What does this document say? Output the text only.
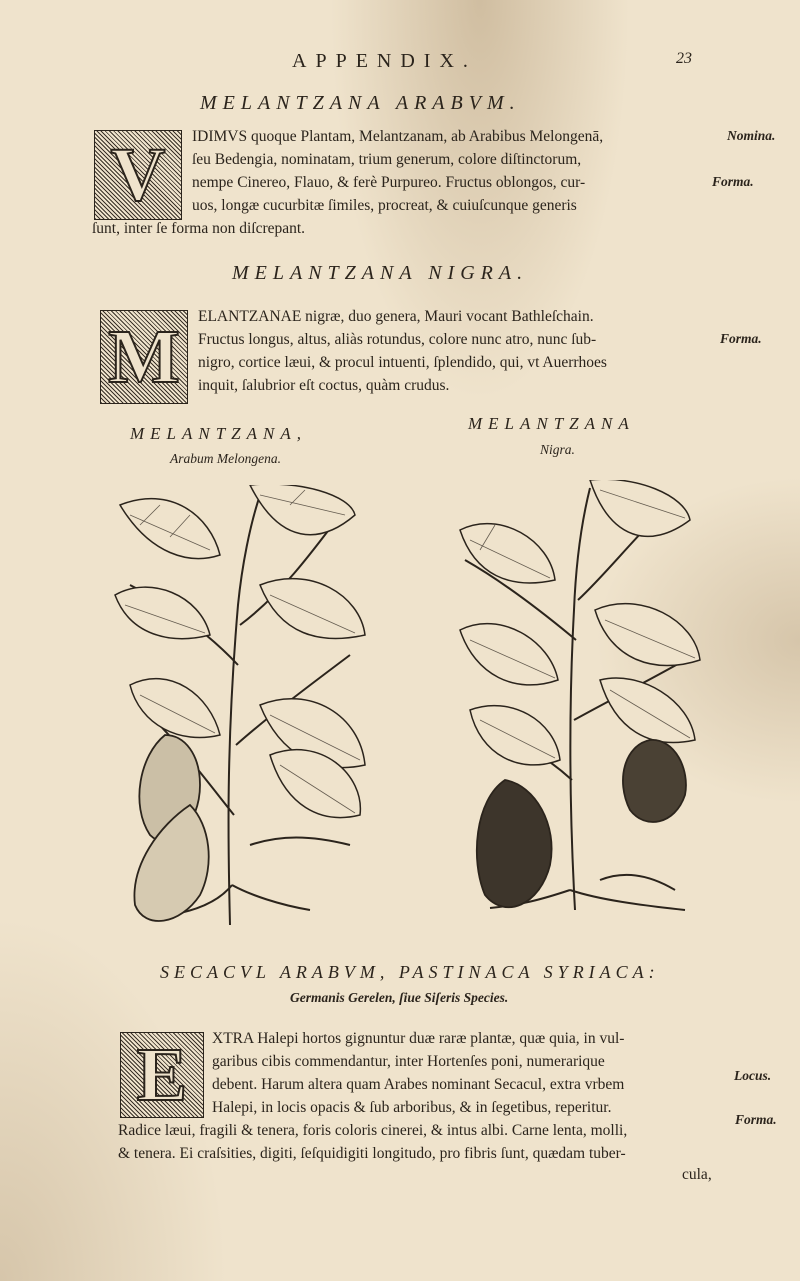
APPENDIX.	23
MELANTZANA ARABVM.
V IDIMVS quoque Plantam, Melantzanam, ab Arabibus Melongenā,
ſeu Bedengia, nominatam, trium generum, colore diſtinctorum,
nempe Cinereo, Flauo, & ferè Purpureo. Fructus oblongos, cur-
uos, longæ cucurbitæ ſimiles, procreat, & cuiuſcunque generis
ſunt, inter ſe forma non diſcrepant.
Nomina.
Forma.
MELANTZANA NIGRA.
M ELANTZANAE nigræ, duo genera, Mauri vocant Bathleſchain.
Fructus longus, altus, aliàs rotundus, colore nunc atro, nunc ſub-
nigro, cortice læui, & procul intuenti, ſplendido, qui, vt Auerrhoes
inquit, ſalubrior eſt coctus, quàm crudus.
Forma.
MELANTZANA,
Arabum Melongena.
MELANTZANA
Nigra.
SECACVL ARABVM, PASTINACA SYRIACA:
Germanis Gerelen, ſiue Siſeris Species.
E XTRA Halepi hortos gignuntur duæ raræ plantæ, quæ quia, in vul-
garibus cibis commendantur, inter Hortenſes poni, numerarique
debent. Harum altera quam Arabes nominant Secacul, extra vrbem
Halepi, in locis opacis & ſub arboribus, & in ſegetibus, reperitur.
Radice læui, fragili & tenera, foris coloris cinerei, & intus albi. Carne lenta, molli,
& tenera. Ei craſsities, digiti, ſeſquidigiti longitudo, pro fibris ſunt, quædam tuber-
cula,
Locus.
Forma.
